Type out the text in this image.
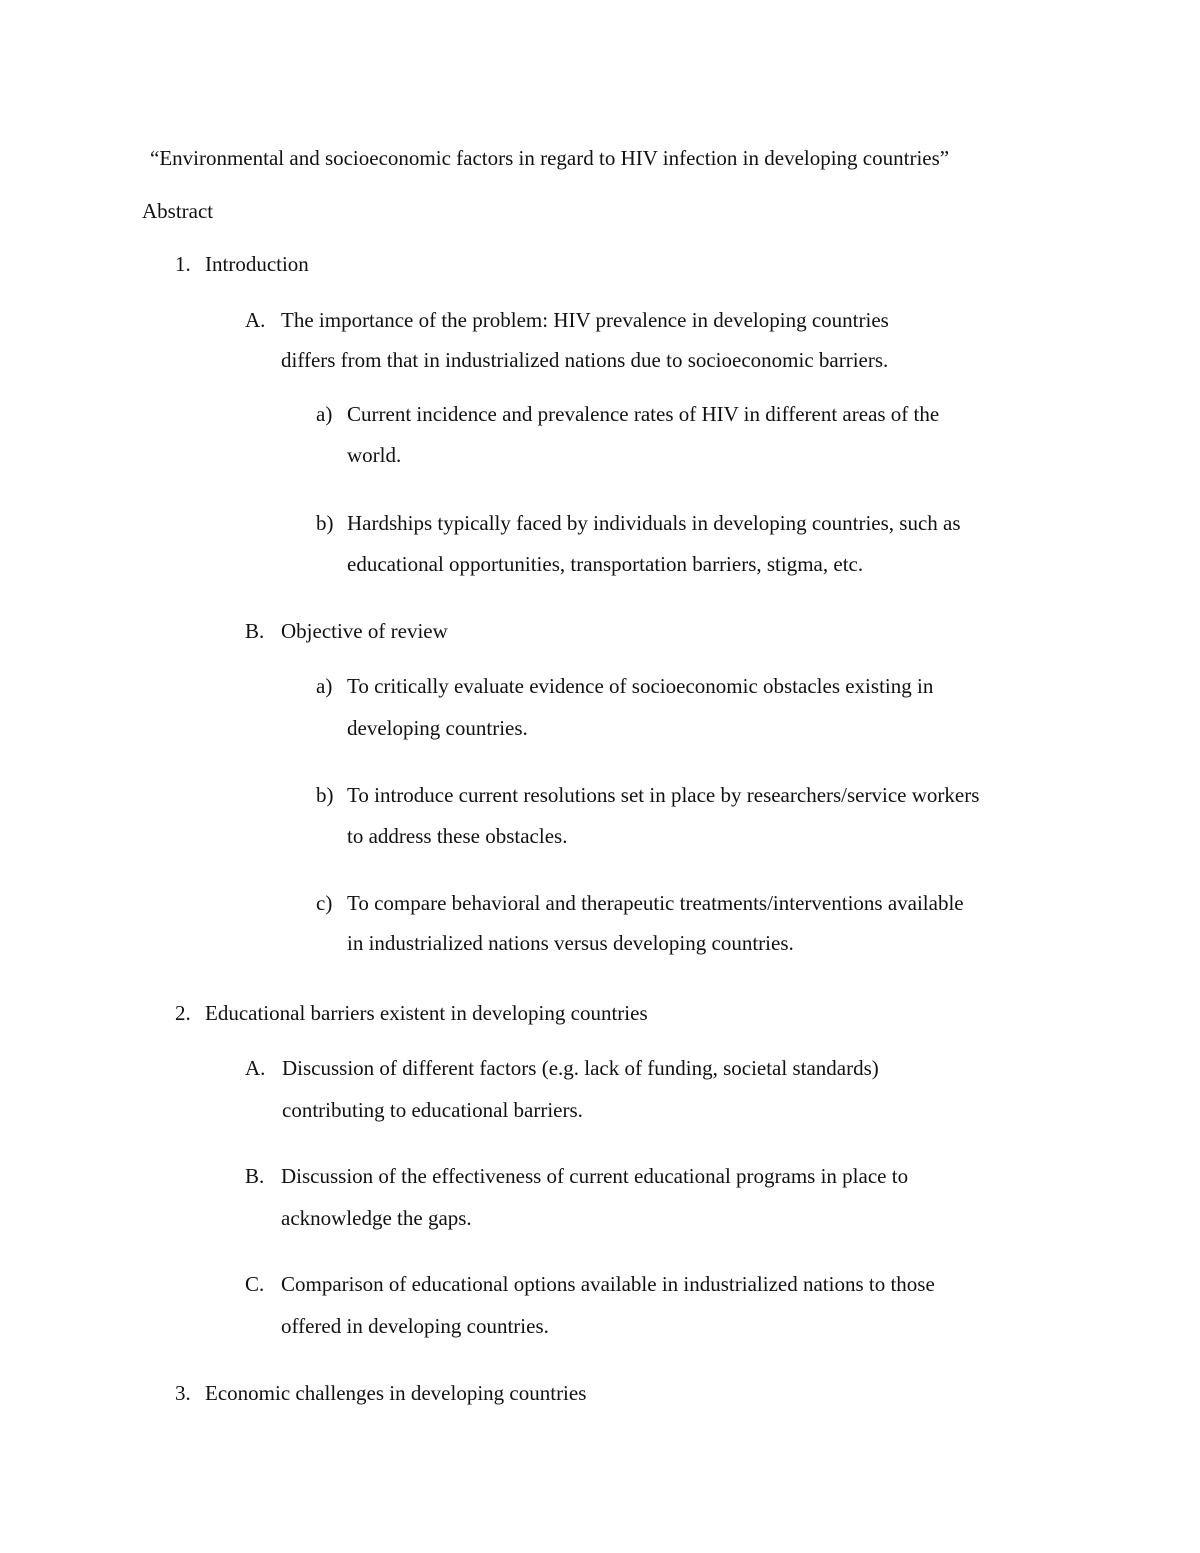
“Environmental and socioeconomic factors in regard to HIV infection in developing countries”
Abstract
1. Introduction
A. The importance of the problem: HIV prevalence in developing countries
differs from that in industrialized nations due to socioeconomic barriers.
a) Current incidence and prevalence rates of HIV in different areas of the
world.
b) Hardships typically faced by individuals in developing countries, such as
educational opportunities, transportation barriers, stigma, etc.
B. Objective of review
a) To critically evaluate evidence of socioeconomic obstacles existing in
developing countries.
b) To introduce current resolutions set in place by researchers/service workers
to address these obstacles.
c) To compare behavioral and therapeutic treatments/interventions available
in industrialized nations versus developing countries.
2. Educational barriers existent in developing countries
A. Discussion of different factors (e.g. lack of funding, societal standards)
contributing to educational barriers.
B. Discussion of the effectiveness of current educational programs in place to
acknowledge the gaps.
C. Comparison of educational options available in industrialized nations to those
offered in developing countries.
3. Economic challenges in developing countries
